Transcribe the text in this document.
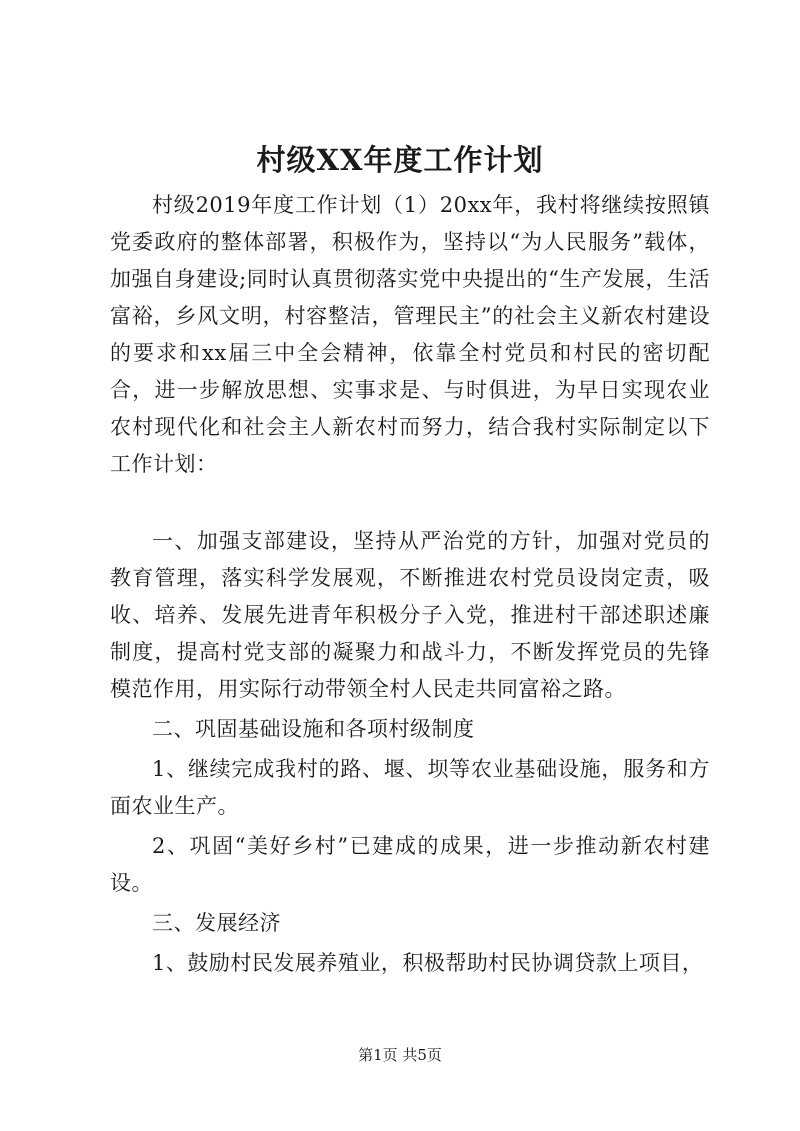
村级XX年度工作计划

村级2019年度工作计划（1）20xx年，我村将继续按照镇党委政府的整体部署，积极作为，坚持以“为人民服务”载体，加强自身建设;同时认真贯彻落实党中央提出的“生产发展，生活富裕，乡风文明，村容整洁，管理民主”的社会主义新农村建设的要求和xx届三中全会精神，依靠全村党员和村民的密切配合，进一步解放思想、实事求是、与时俱进，为早日实现农业农村现代化和社会主人新农村而努力，结合我村实际制定以下工作计划：

一、加强支部建设，坚持从严治党的方针，加强对党员的教育管理，落实科学发展观，不断推进农村党员设岗定责，吸收、培养、发展先进青年积极分子入党，推进村干部述职述廉制度，提高村党支部的凝聚力和战斗力，不断发挥党员的先锋模范作用，用实际行动带领全村人民走共同富裕之路。

二、巩固基础设施和各项村级制度

1、继续完成我村的路、堰、坝等农业基础设施，服务和方面农业生产。

2、巩固“美好乡村”已建成的成果，进一步推动新农村建设。

三、发展经济

1、鼓励村民发展养殖业，积极帮助村民协调贷款上项目，

第1页 共5页
